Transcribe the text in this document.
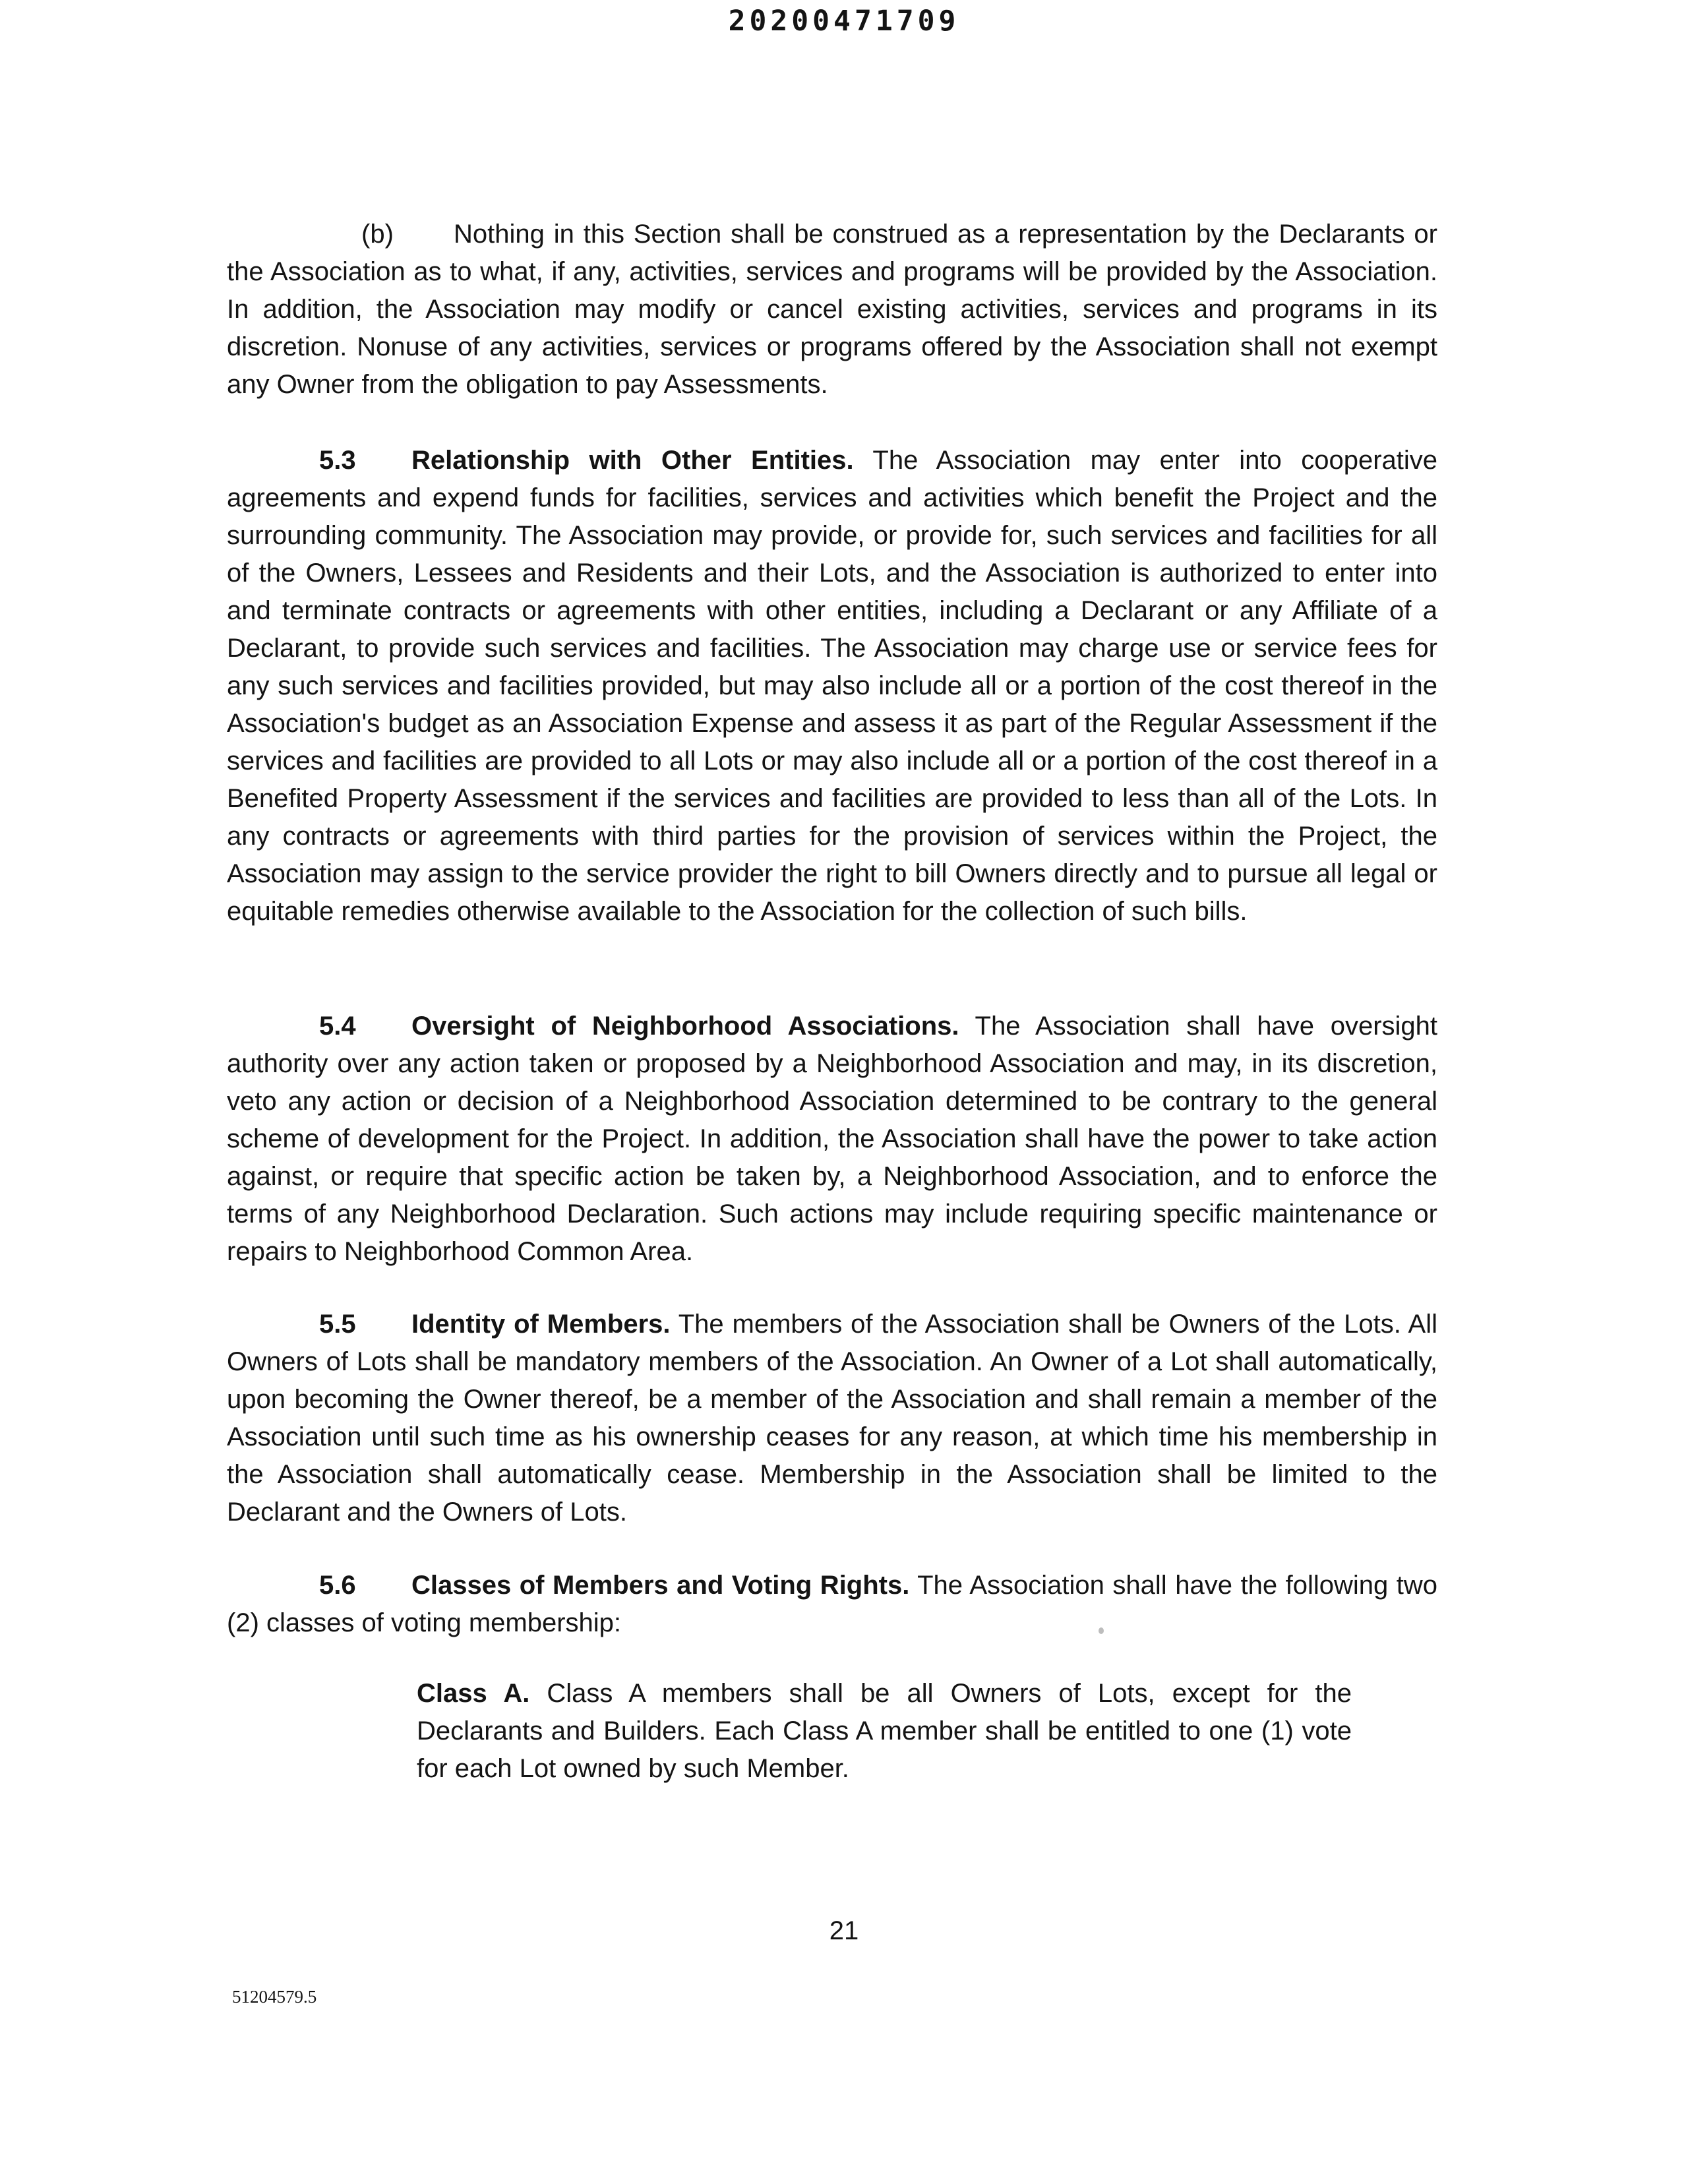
20200471709

(b) Nothing in this Section shall be construed as a representation by the Declarants or the Association as to what, if any, activities, services and programs will be provided by the Association. In addition, the Association may modify or cancel existing activities, services and programs in its discretion. Nonuse of any activities, services or programs offered by the Association shall not exempt any Owner from the obligation to pay Assessments.

5.3 Relationship with Other Entities. The Association may enter into cooperative agreements and expend funds for facilities, services and activities which benefit the Project and the surrounding community. The Association may provide, or provide for, such services and facilities for all of the Owners, Lessees and Residents and their Lots, and the Association is authorized to enter into and terminate contracts or agreements with other entities, including a Declarant or any Affiliate of a Declarant, to provide such services and facilities. The Association may charge use or service fees for any such services and facilities provided, but may also include all or a portion of the cost thereof in the Association's budget as an Association Expense and assess it as part of the Regular Assessment if the services and facilities are provided to all Lots or may also include all or a portion of the cost thereof in a Benefited Property Assessment if the services and facilities are provided to less than all of the Lots. In any contracts or agreements with third parties for the provision of services within the Project, the Association may assign to the service provider the right to bill Owners directly and to pursue all legal or equitable remedies otherwise available to the Association for the collection of such bills.

5.4 Oversight of Neighborhood Associations. The Association shall have oversight authority over any action taken or proposed by a Neighborhood Association and may, in its discretion, veto any action or decision of a Neighborhood Association determined to be contrary to the general scheme of development for the Project. In addition, the Association shall have the power to take action against, or require that specific action be taken by, a Neighborhood Association, and to enforce the terms of any Neighborhood Declaration. Such actions may include requiring specific maintenance or repairs to Neighborhood Common Area.

5.5 Identity of Members. The members of the Association shall be Owners of the Lots. All Owners of Lots shall be mandatory members of the Association. An Owner of a Lot shall automatically, upon becoming the Owner thereof, be a member of the Association and shall remain a member of the Association until such time as his ownership ceases for any reason, at which time his membership in the Association shall automatically cease. Membership in the Association shall be limited to the Declarant and the Owners of Lots.

5.6 Classes of Members and Voting Rights. The Association shall have the following two (2) classes of voting membership:

Class A. Class A members shall be all Owners of Lots, except for the Declarants and Builders. Each Class A member shall be entitled to one (1) vote for each Lot owned by such Member.

21
51204579.5
